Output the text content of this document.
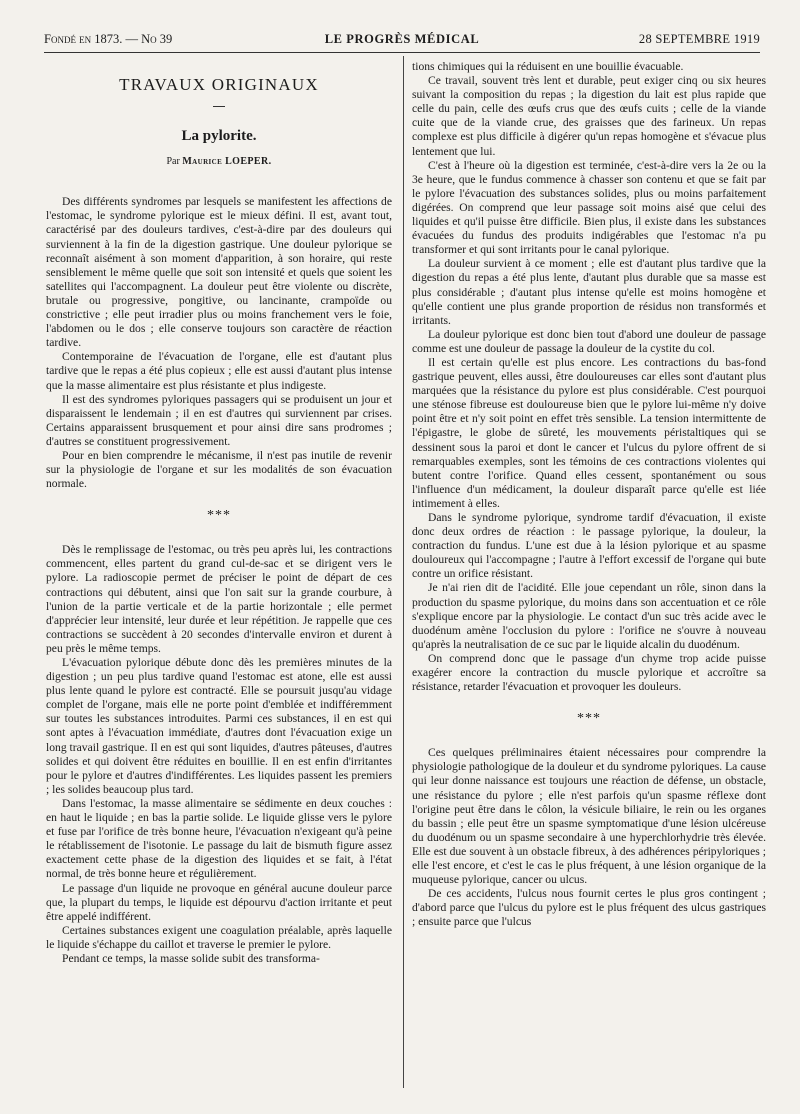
Fondé en 1873. — No 39	LE PROGRÈS MÉDICAL	28 SEPTEMBRE 1919
TRAVAUX ORIGINAUX
La pylorite.
Par Maurice LOEPER.

Des différents syndromes par lesquels se manifestent les affections de l'estomac, le syndrome pylorique est le mieux défini. Il est, avant tout, caractérisé par des douleurs tardives, c'est-à-dire par des douleurs qui surviennent à la fin de la digestion gastrique. Une douleur pylorique se reconnaît aisément à son moment d'apparition, à son horaire, qui reste sensiblement le même quelle que soit son intensité et quels que soient les satellites qui l'accompagnent. La douleur peut être violente ou discrète, brutale ou progressive, pongitive, ou lancinante, crampoïde ou constrictive ; elle peut irradier plus ou moins franchement vers le foie, l'abdomen ou le dos ; elle conserve toujours son caractère de réaction tardive.

Contemporaine de l'évacuation de l'organe, elle est d'autant plus tardive que le repas a été plus copieux ; elle est aussi d'autant plus intense que la masse alimentaire est plus résistante et plus indigeste.

Il est des syndromes pyloriques passagers qui se produisent un jour et disparaissent le lendemain ; il en est d'autres qui surviennent par crises. Certains apparaissent brusquement et pour ainsi dire sans prodromes ; d'autres se constituent progressivement.

Pour en bien comprendre le mécanisme, il n'est pas inutile de revenir sur la physiologie de l'organe et sur les modalités de son évacuation normale.

***

Dès le remplissage de l'estomac, ou très peu après lui, les contractions commencent, elles partent du grand cul-de-sac et se dirigent vers le pylore. La radioscopie permet de préciser le point de départ de ces contractions qui débutent, ainsi que l'on sait sur la grande courbure, à l'union de la partie verticale et de la partie horizontale ; elle permet d'apprécier leur intensité, leur durée et leur répétition. Je rappelle que ces contractions se succèdent à 20 secondes d'intervalle environ et durent à peu près le même temps.

L'évacuation pylorique débute donc dès les premières minutes de la digestion ; un peu plus tardive quand l'estomac est atone, elle est aussi plus lente quand le pylore est contracté. Elle se poursuit jusqu'au vidage complet de l'organe, mais elle ne porte point d'emblée et indifféremment sur toutes les substances introduites. Parmi ces substances, il en est qui sont aptes à l'évacuation immédiate, d'autres dont l'évacuation exige un long travail gastrique. Il en est qui sont liquides, d'autres pâteuses, d'autres solides et qui doivent être réduites en bouillie. Il en est enfin d'irritantes pour le pylore et d'autres d'indifférentes. Les liquides passent les premiers ; les solides beaucoup plus tard.

Dans l'estomac, la masse alimentaire se sédimente en deux couches : en haut le liquide ; en bas la partie solide. Le liquide glisse vers le pylore et fuse par l'orifice de très bonne heure, l'évacuation n'exigeant qu'à peine le rétablissement de l'isotonie. Le passage du lait de bismuth figure assez exactement cette phase de la digestion des liquides et se fait, à l'état normal, de très bonne heure et régulièrement.

Le passage d'un liquide ne provoque en général aucune douleur parce que, la plupart du temps, le liquide est dépourvu d'action irritante et peut être appelé indifférent.

Certaines substances exigent une coagulation préalable, après laquelle le liquide s'échappe du caillot et traverse le premier le pylore.

Pendant ce temps, la masse solide subit des transforma-

tions chimiques qui la réduisent en une bouillie évacuable.

Ce travail, souvent très lent et durable, peut exiger cinq ou six heures suivant la composition du repas ; la digestion du lait est plus rapide que celle du pain, celle des œufs crus que des œufs cuits ; celle de la viande cuite que de la viande crue, des graisses que des farineux. Un repas complexe est plus difficile à digérer qu'un repas homogène et s'évacue plus lentement que lui.

C'est à l'heure où la digestion est terminée, c'est-à-dire vers la 2e ou la 3e heure, que le fundus commence à chasser son contenu et que se fait par le pylore l'évacuation des substances solides, plus ou moins parfaitement digérées. On comprend que leur passage soit moins aisé que celui des liquides et qu'il puisse être difficile. Bien plus, il existe dans les substances évacuées du fundus des produits indigérables que l'estomac n'a pu transformer et qui sont irritants pour le canal pylorique.

La douleur survient à ce moment ; elle est d'autant plus tardive que la digestion du repas a été plus lente, d'autant plus durable que sa masse est plus considérable ; d'autant plus intense qu'elle est moins homogène et qu'elle contient une plus grande proportion de résidus non transformés et irritants.

La douleur pylorique est donc bien tout d'abord une douleur de passage comme est une douleur de passage la douleur de la cystite du col.

Il est certain qu'elle est plus encore. Les contractions du bas-fond gastrique peuvent, elles aussi, être douloureuses car elles sont d'autant plus marquées que la résistance du pylore est plus considérable. C'est pourquoi une sténose fibreuse est douloureuse bien que le pylore lui-même n'y doive point être et n'y soit point en effet très sensible. La tension intermittente de l'épigastre, le globe de sûreté, les mouvements péristaltiques qui se dessinent sous la paroi et dont le cancer et l'ulcus du pylore offrent de si remarquables exemples, sont les témoins de ces contractions violentes qui butent contre l'orifice. Quand elles cessent, spontanément ou sous l'influence d'un médicament, la douleur disparaît parce qu'elle est liée intimement à elles.

Dans le syndrome pylorique, syndrome tardif d'évacuation, il existe donc deux ordres de réaction : le passage pylorique, la douleur, la contraction du fundus. L'une est due à la lésion pylorique et au spasme douloureux qui l'accompagne ; l'autre à l'effort excessif de l'organe qui bute contre un orifice résistant.

Je n'ai rien dit de l'acidité. Elle joue cependant un rôle, sinon dans la production du spasme pylorique, du moins dans son accentuation et ce rôle s'explique encore par la physiologie. Le contact d'un suc très acide avec le duodénum amène l'occlusion du pylore : l'orifice ne s'ouvre à nouveau qu'après la neutralisation de ce suc par le liquide alcalin du duodénum.

On comprend donc que le passage d'un chyme trop acide puisse exagérer encore la contraction du muscle pylorique et accroître sa résistance, retarder l'évacuation et provoquer les douleurs.

***

Ces quelques préliminaires étaient nécessaires pour comprendre la physiologie pathologique de la douleur et du syndrome pyloriques. La cause qui leur donne naissance est toujours une réaction de défense, un obstacle, une résistance du pylore ; elle n'est parfois qu'un spasme réflexe dont l'origine peut être dans le côlon, la vésicule biliaire, le rein ou les organes du bassin ; elle peut être un spasme symptomatique d'une lésion ulcéreuse du duodénum ou un spasme secondaire à une hyperchlorhydrie très élevée. Elle est due souvent à un obstacle fibreux, à des adhérences péripyloriques ; elle l'est encore, et c'est le cas le plus fréquent, à une lésion organique de la muqueuse pylorique, cancer ou ulcus.

De ces accidents, l'ulcus nous fournit certes le plus gros contingent ; d'abord parce que l'ulcus du pylore est le plus fréquent des ulcus gastriques ; ensuite parce que l'ulcus
